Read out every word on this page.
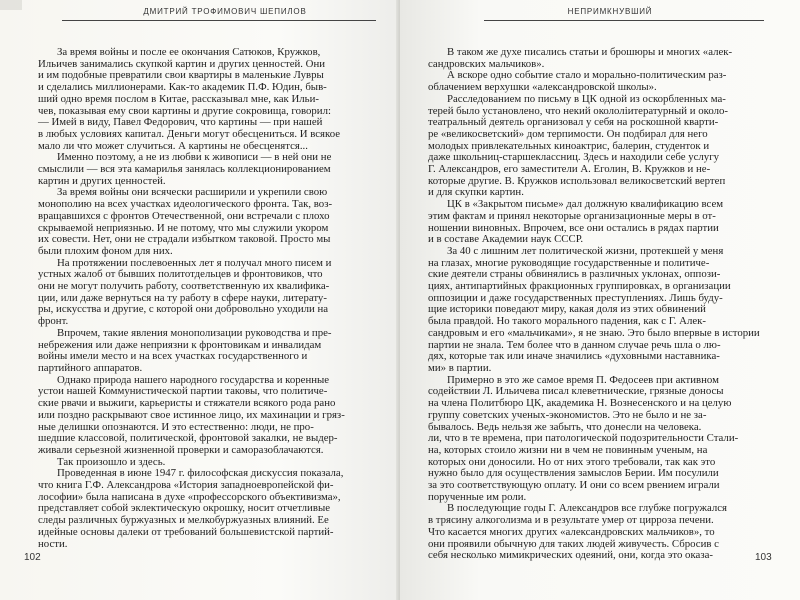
ДМИТРИЙ ТРОФИМОВИЧ ШЕПИЛОВ

За время войны и после ее окончания Сатюков, Кружков,
Ильичев занимались скупкой картин и других ценностей. Они
и им подобные превратили свои квартиры в маленькие Лувры
и сделались миллионерами. Как-то академик П.Ф. Юдин, быв-
ший одно время послом в Китае, рассказывал мне, как Ильи-
чев, показывая ему свои картины и другие сокровища, говорил:
— Имей в виду, Павел Федорович, что картины — при нашей
в любых условиях капитал. Деньги могут обесцениться. И всякое
мало ли что может случиться. А картины не обесценятся...

Именно поэтому, а не из любви к живописи — в ней они не
смыслили — вся эта камарилья занялась коллекционированием
картин и других ценностей.

За время войны они всячески расширили и укрепили свою
монополию на всех участках идеологического фронта. Так, воз-
вращавшихся с фронтов Отечественной, они встречали с плохо
скрываемой неприязнью. И не потому, что мы служили укором
их совести. Нет, они не страдали избытком таковой. Просто мы
были плохим фоном для них.

На протяжении послевоенных лет я получал много писем и
устных жалоб от бывших политотдельцев и фронтовиков, что
они не могут получить работу, соответственную их квалифика-
ции, или даже вернуться на ту работу в сфере науки, литерату-
ры, искусства и другие, с которой они добровольно уходили на
фронт.

Впрочем, такие явления монополизации руководства и пре-
небрежения или даже неприязни к фронтовикам и инвалидам
войны имели место и на всех участках государственного и
партийного аппаратов.

Однако природа нашего народного государства и коренные
устои нашей Коммунистической партии таковы, что политиче-
ские рвачи и выжиги, карьеристы и стяжатели всякого рода рано
или поздно раскрывают свое истинное лицо, их махинации и гряз-
ные делишки опознаются. И это естественно: люди, не про-
шедшие классовой, политической, фронтовой закалки, не выдер-
живали серьезной жизненной проверки и саморазоблачаются.

Так произошло и здесь.

Проведенная в июне 1947 г. философская дискуссия показала,
что книга Г.Ф. Александрова «История западноевропейской фи-
лософии» была написана в духе «профессорского объективизма»,
представляет собой эклектическую окрошку, носит отчетливые
следы различных буржуазных и мелкобуржуазных влияний. Ее
идейные основы далеки от требований большевистской партий-
ности.

102
НЕПРИМКНУВШИЙ

В таком же духе писались статьи и брошюры и многих «алек-
сандровских мальчиков».

А вскоре одно событие стало и морально-политическим раз-
облачением верхушки «александровской школы».

Расследованием по письму в ЦК одной из оскорбленных ма-
терей было установлено, что некий окололіитературный и около-
театральный деятель организовал у себя на роскошной кварти-
ре «великосветский» дом терпимости. Он подбирал для него
молодых привлекательных киноактрис, балерин, студенток и
даже школьниц-старшеклассниц. Здесь и находили себе услугу
Г. Александров, его заместители А. Еголин, В. Кружков и не-
которые другие. В. Кружков использовал великосветский вертеп
и для скупки картин.

ЦК в «Закрытом письме» дал должную квалификацию всем
этим фактам и принял некоторые организационные меры в от-
ношении виновных. Впрочем, все они остались в рядах партии
и в составе Академии наук СССР.

За 40 с лишним лет политической жизни, протекшей у меня
на глазах, многие руководящие государственные и политиче-
ские деятели страны обвинялись в различных уклонах, оппози-
циях, антипартийных фракционных группировках, в организации
оппозиции и даже государственных преступлениях. Лишь буду-
щие историки поведают миру, какая доля из этих обвинений
была правдой. Но такого морального падения, как с Г. Алек-
сандровым и его «мальчиками», я не знаю. Это было впервые в истории
партии не знала. Тем более что в данном случае речь шла о лю-
дях, которые так или иначе значились «духовными наставника-
ми» в партии.

Примерно в это же самое время П. Федосеев при активном
содействии Л. Ильичева писал клеветнические, грязные доносы
на члена Политбюро ЦК, академика Н. Вознесенского и на целую
группу советских ученых-экономистов. Это не было и не за-
бывалось. Ведь нельзя же забыть, что донесли на человека.
ли, что в те времена, при патологической подозрительности Стали-
на, которых стоило жизни ни в чем не повинным ученым, на
которых они доносили. Но от них этого требовали, так как это
нужно было для осуществления замыслов Берии. Им посулили
за это соответствующую оплату. И они со всем рвением играли
порученные им роли.

В последующие годы Г. Александров все глубже погружался
в трясину алкоголизма и в результате умер от цирроза печени.
Что касается многих других «александровских мальчиков», то
они проявили обычную для таких людей живучесть. Сбросив с
себя несколько мимикрических одеяний, они, когда это оказа-	103
